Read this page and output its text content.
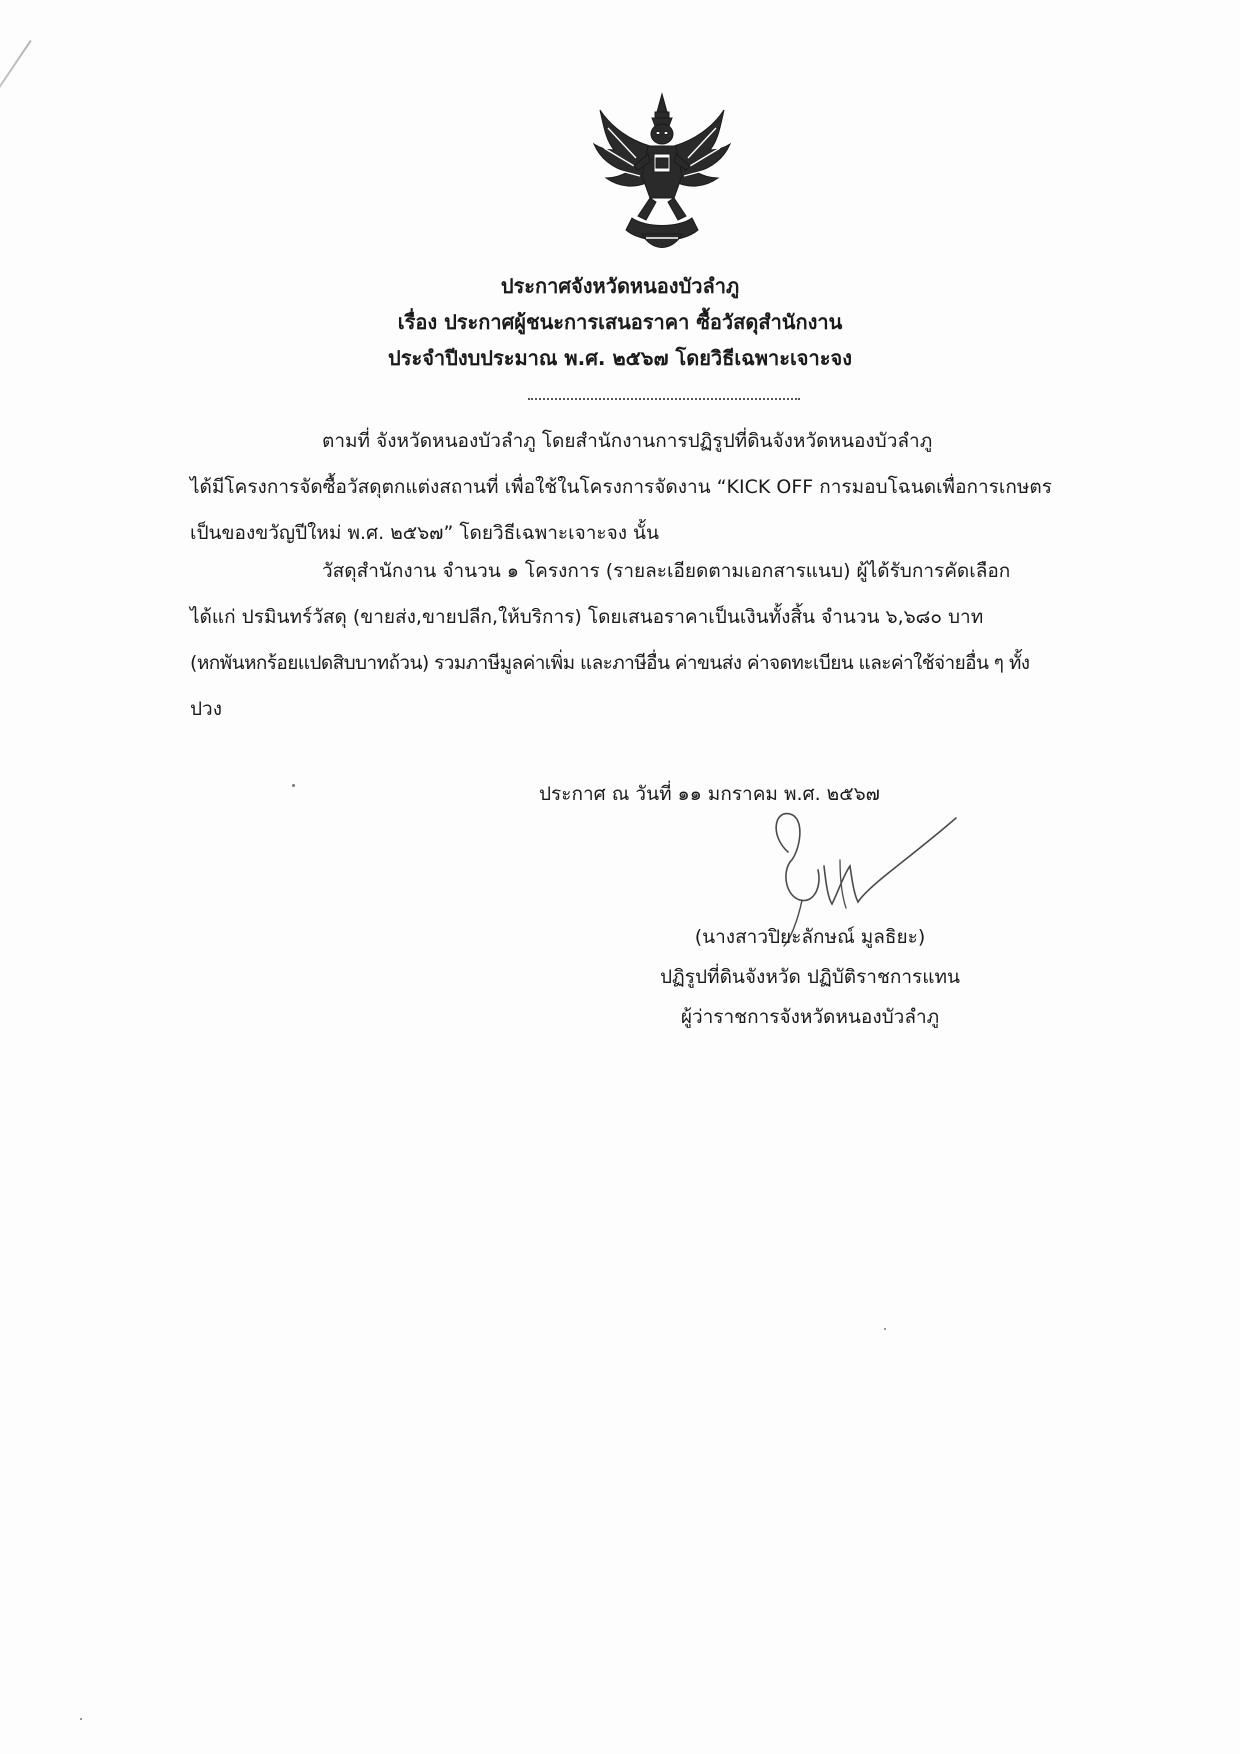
ประกาศจังหวัดหนองบัวลำภู
เรื่อง ประกาศผู้ชนะการเสนอราคา ซื้อวัสดุสำนักงาน
ประจำปีงบประมาณ พ.ศ. ๒๕๖๗ โดยวิธีเฉพาะเจาะจง
ตามที่ จังหวัดหนองบัวลำภู โดยสำนักงานการปฏิรูปที่ดินจังหวัดหนองบัวลำภู
ได้มีโครงการจัดซื้อวัสดุตกแต่งสถานที่ เพื่อใช้ในโครงการจัดงาน “KICK OFF การมอบโฉนดเพื่อการเกษตร
เป็นของขวัญปีใหม่ พ.ศ. ๒๕๖๗” โดยวิธีเฉพาะเจาะจง นั้น
วัสดุสำนักงาน จำนวน ๑ โครงการ (รายละเอียดตามเอกสารแนบ) ผู้ได้รับการคัดเลือก
ได้แก่ ปรมินทร์วัสดุ (ขายส่ง,ขายปลีก,ให้บริการ) โดยเสนอราคาเป็นเงินทั้งสิ้น จำนวน ๖,๖๘๐ บาท
(หกพันหกร้อยแปดสิบบาทถ้วน) รวมภาษีมูลค่าเพิ่ม และภาษีอื่น ค่าขนส่ง ค่าจดทะเบียน และค่าใช้จ่ายอื่น ๆ ทั้ง
ปวง
ประกาศ ณ วันที่ ๑๑ มกราคม พ.ศ. ๒๕๖๗
(นางสาวปิยะลักษณ์ มูลธิยะ)
ปฏิรูปที่ดินจังหวัด ปฏิบัติราชการแทน
ผู้ว่าราชการจังหวัดหนองบัวลำภู
